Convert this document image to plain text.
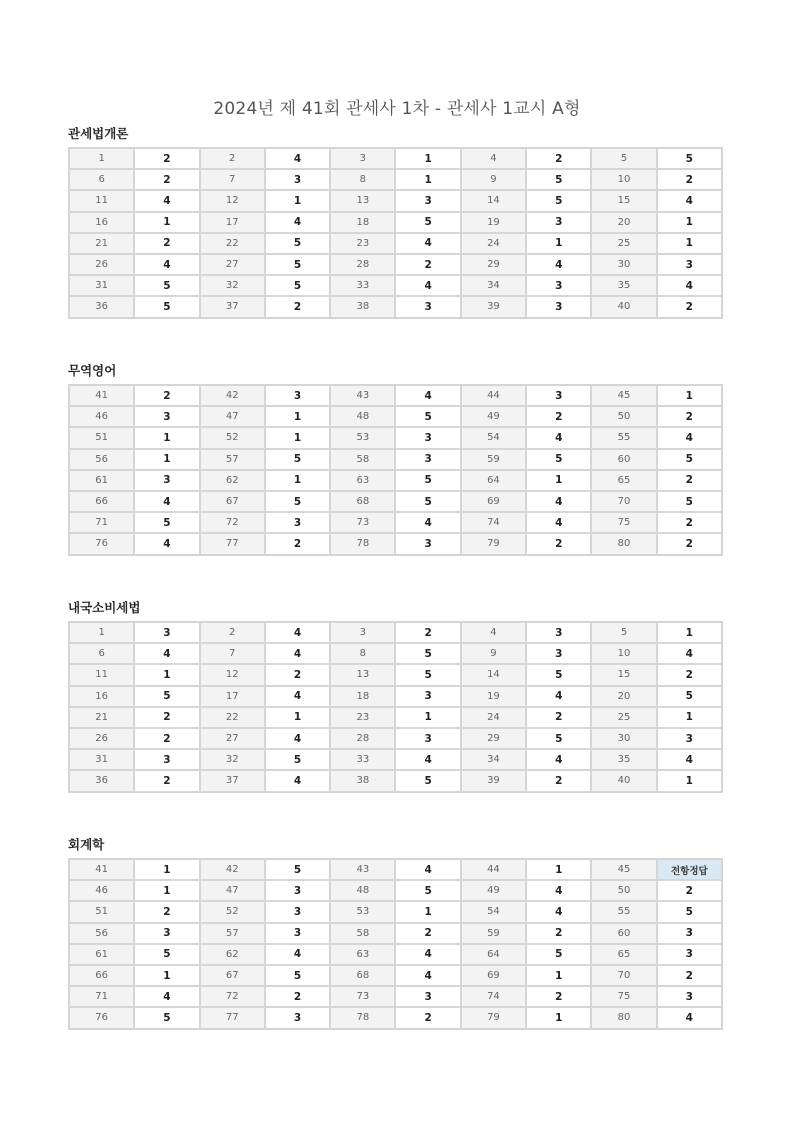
2024년 제 41회 관세사 1차 - 관세사 1교시 A형
관세법개론
1	2	2	4	3	1	4	2	5	5
6	2	7	3	8	1	9	5	10	2
11	4	12	1	13	3	14	5	15	4
16	1	17	4	18	5	19	3	20	1
21	2	22	5	23	4	24	1	25	1
26	4	27	5	28	2	29	4	30	3
31	5	32	5	33	4	34	3	35	4
36	5	37	2	38	3	39	3	40	2
무역영어
41	2	42	3	43	4	44	3	45	1
46	3	47	1	48	5	49	2	50	2
51	1	52	1	53	3	54	4	55	4
56	1	57	5	58	3	59	5	60	5
61	3	62	1	63	5	64	1	65	2
66	4	67	5	68	5	69	4	70	5
71	5	72	3	73	4	74	4	75	2
76	4	77	2	78	3	79	2	80	2
내국소비세법
1	3	2	4	3	2	4	3	5	1
6	4	7	4	8	5	9	3	10	4
11	1	12	2	13	5	14	5	15	2
16	5	17	4	18	3	19	4	20	5
21	2	22	1	23	1	24	2	25	1
26	2	27	4	28	3	29	5	30	3
31	3	32	5	33	4	34	4	35	4
36	2	37	4	38	5	39	2	40	1
회계학
41	1	42	5	43	4	44	1	45	전항정답
46	1	47	3	48	5	49	4	50	2
51	2	52	3	53	1	54	4	55	5
56	3	57	3	58	2	59	2	60	3
61	5	62	4	63	4	64	5	65	3
66	1	67	5	68	4	69	1	70	2
71	4	72	2	73	3	74	2	75	3
76	5	77	3	78	2	79	1	80	4
